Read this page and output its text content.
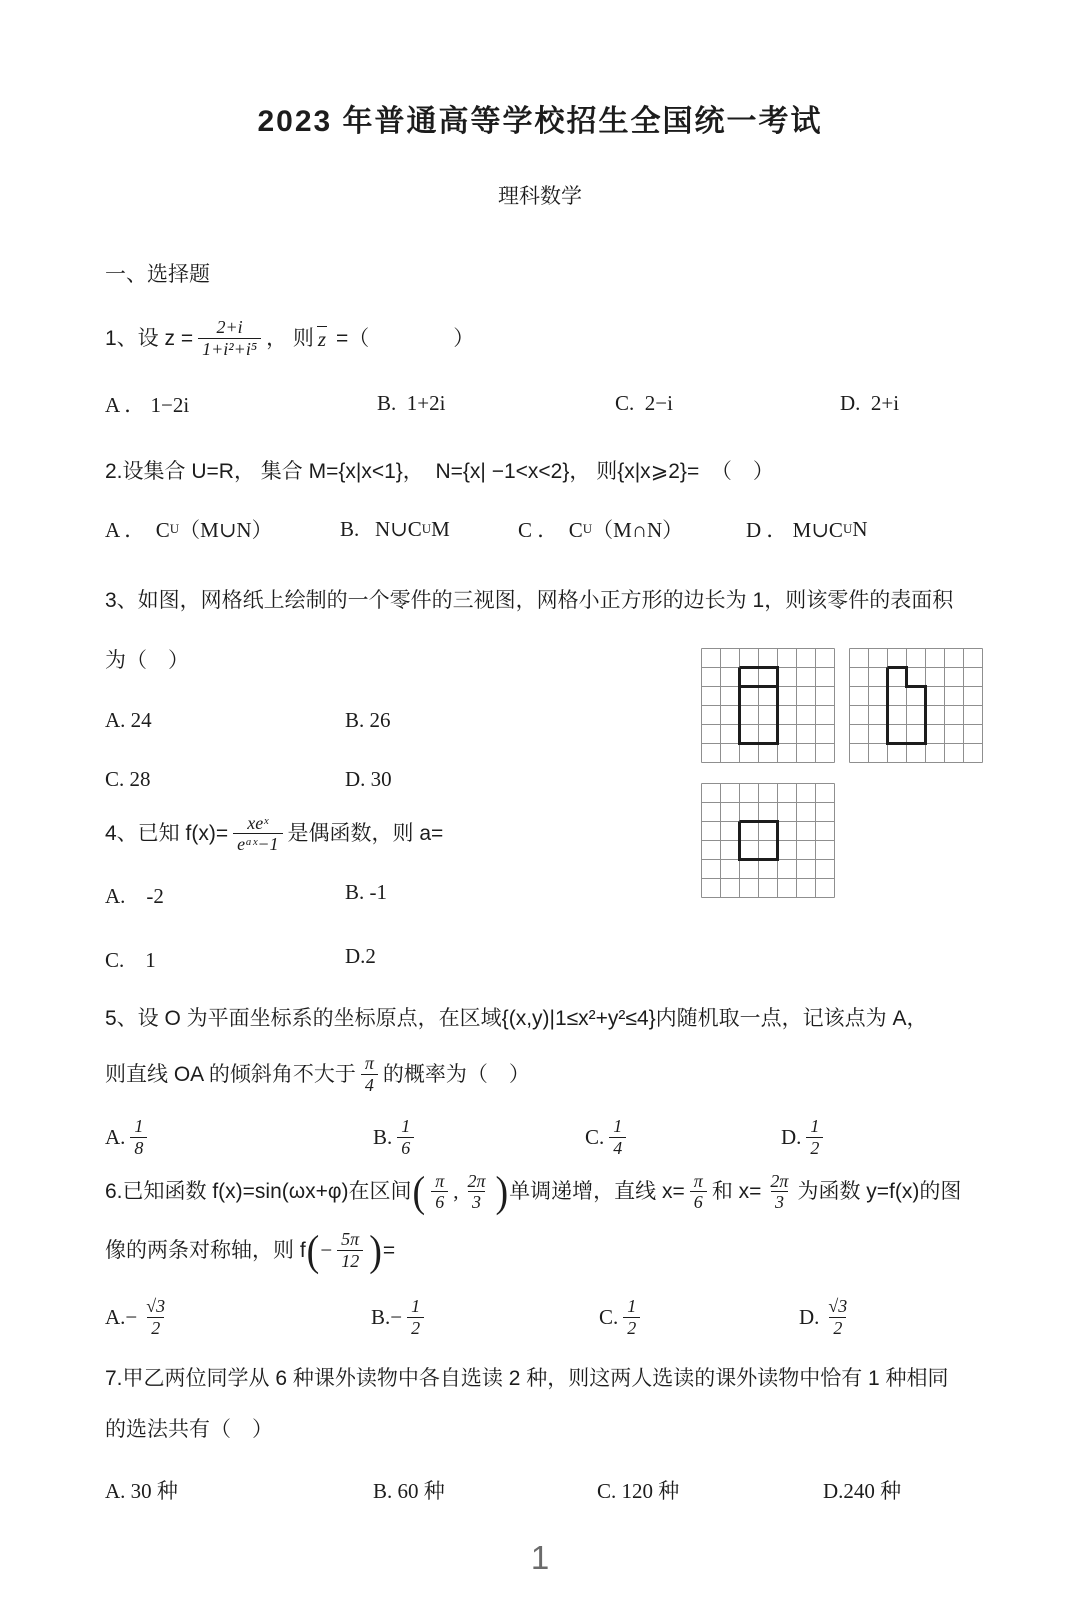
2023 年普通高等学校招生全国统一考试
理科数学
一、选择题
1、设 $z = \frac{2+i}{\text{1+i²+i⁵}}$ ， 则 z =（　　　　）
A ． 1−2i	B.  1+2i	C.  2−i	D.  2+i
2.设集合 U=R， 集合 M={x|x<1}，  N={x| −1<x<2}， 则{x|x⩾2}=  （　）
A ．  C U （M∪N）	B.   N∪C U M	C ．  C U （M∩N）	D ． M∪C U N
3、如图，网格纸上绘制的一个零件的三视图，网格小正方形的边长为 1，则该零件的表面积
为（　）
A. 24	B. 26
C. 28	D. 30
4、已知 $f(x)= \frac{\text{xeˣ}}{\text{eᵃˣ−1}}$ 是偶函数，则 a=
A.　-2	B. -1
C.　1	D.2
5、设 O 为平面坐标系的坐标原点，在区域{(x,y)|1≤x²+y²≤4}内随机取一点，记该点为 A，
则直线 OA 的倾斜角不大于 $\frac{\pi}{4}$ 的概率为（　）
A. $\frac{1}{8}$	B. $\frac{1}{6}$	C. $\frac{1}{4}$	D. $\frac{1}{2}$
6.已知函数 f(x)=sin(ωx+φ)在区间 ( $\frac{\pi}{6}$ , $\frac{2\pi}{3}$ ) 单调递增，直线 $x= \frac{\pi}{6}$ 和 $x= \frac{2\pi}{3}$ 为函数 y=f(x)的图
像的两条对称轴，则 f ( − $\frac{5\pi}{12}$ ) =
A. − $\frac{√3}{2}$	B. − $\frac{1}{2}$	C. $\frac{1}{2}$	D. $\frac{√3}{2}$
7.甲乙两位同学从 6 种课外读物中各自选读 2 种，则这两人选读的课外读物中恰有 1 种相同
的选法共有（　）
A. 30 种	B. 60 种	C. 120 种	D.240 种
1
